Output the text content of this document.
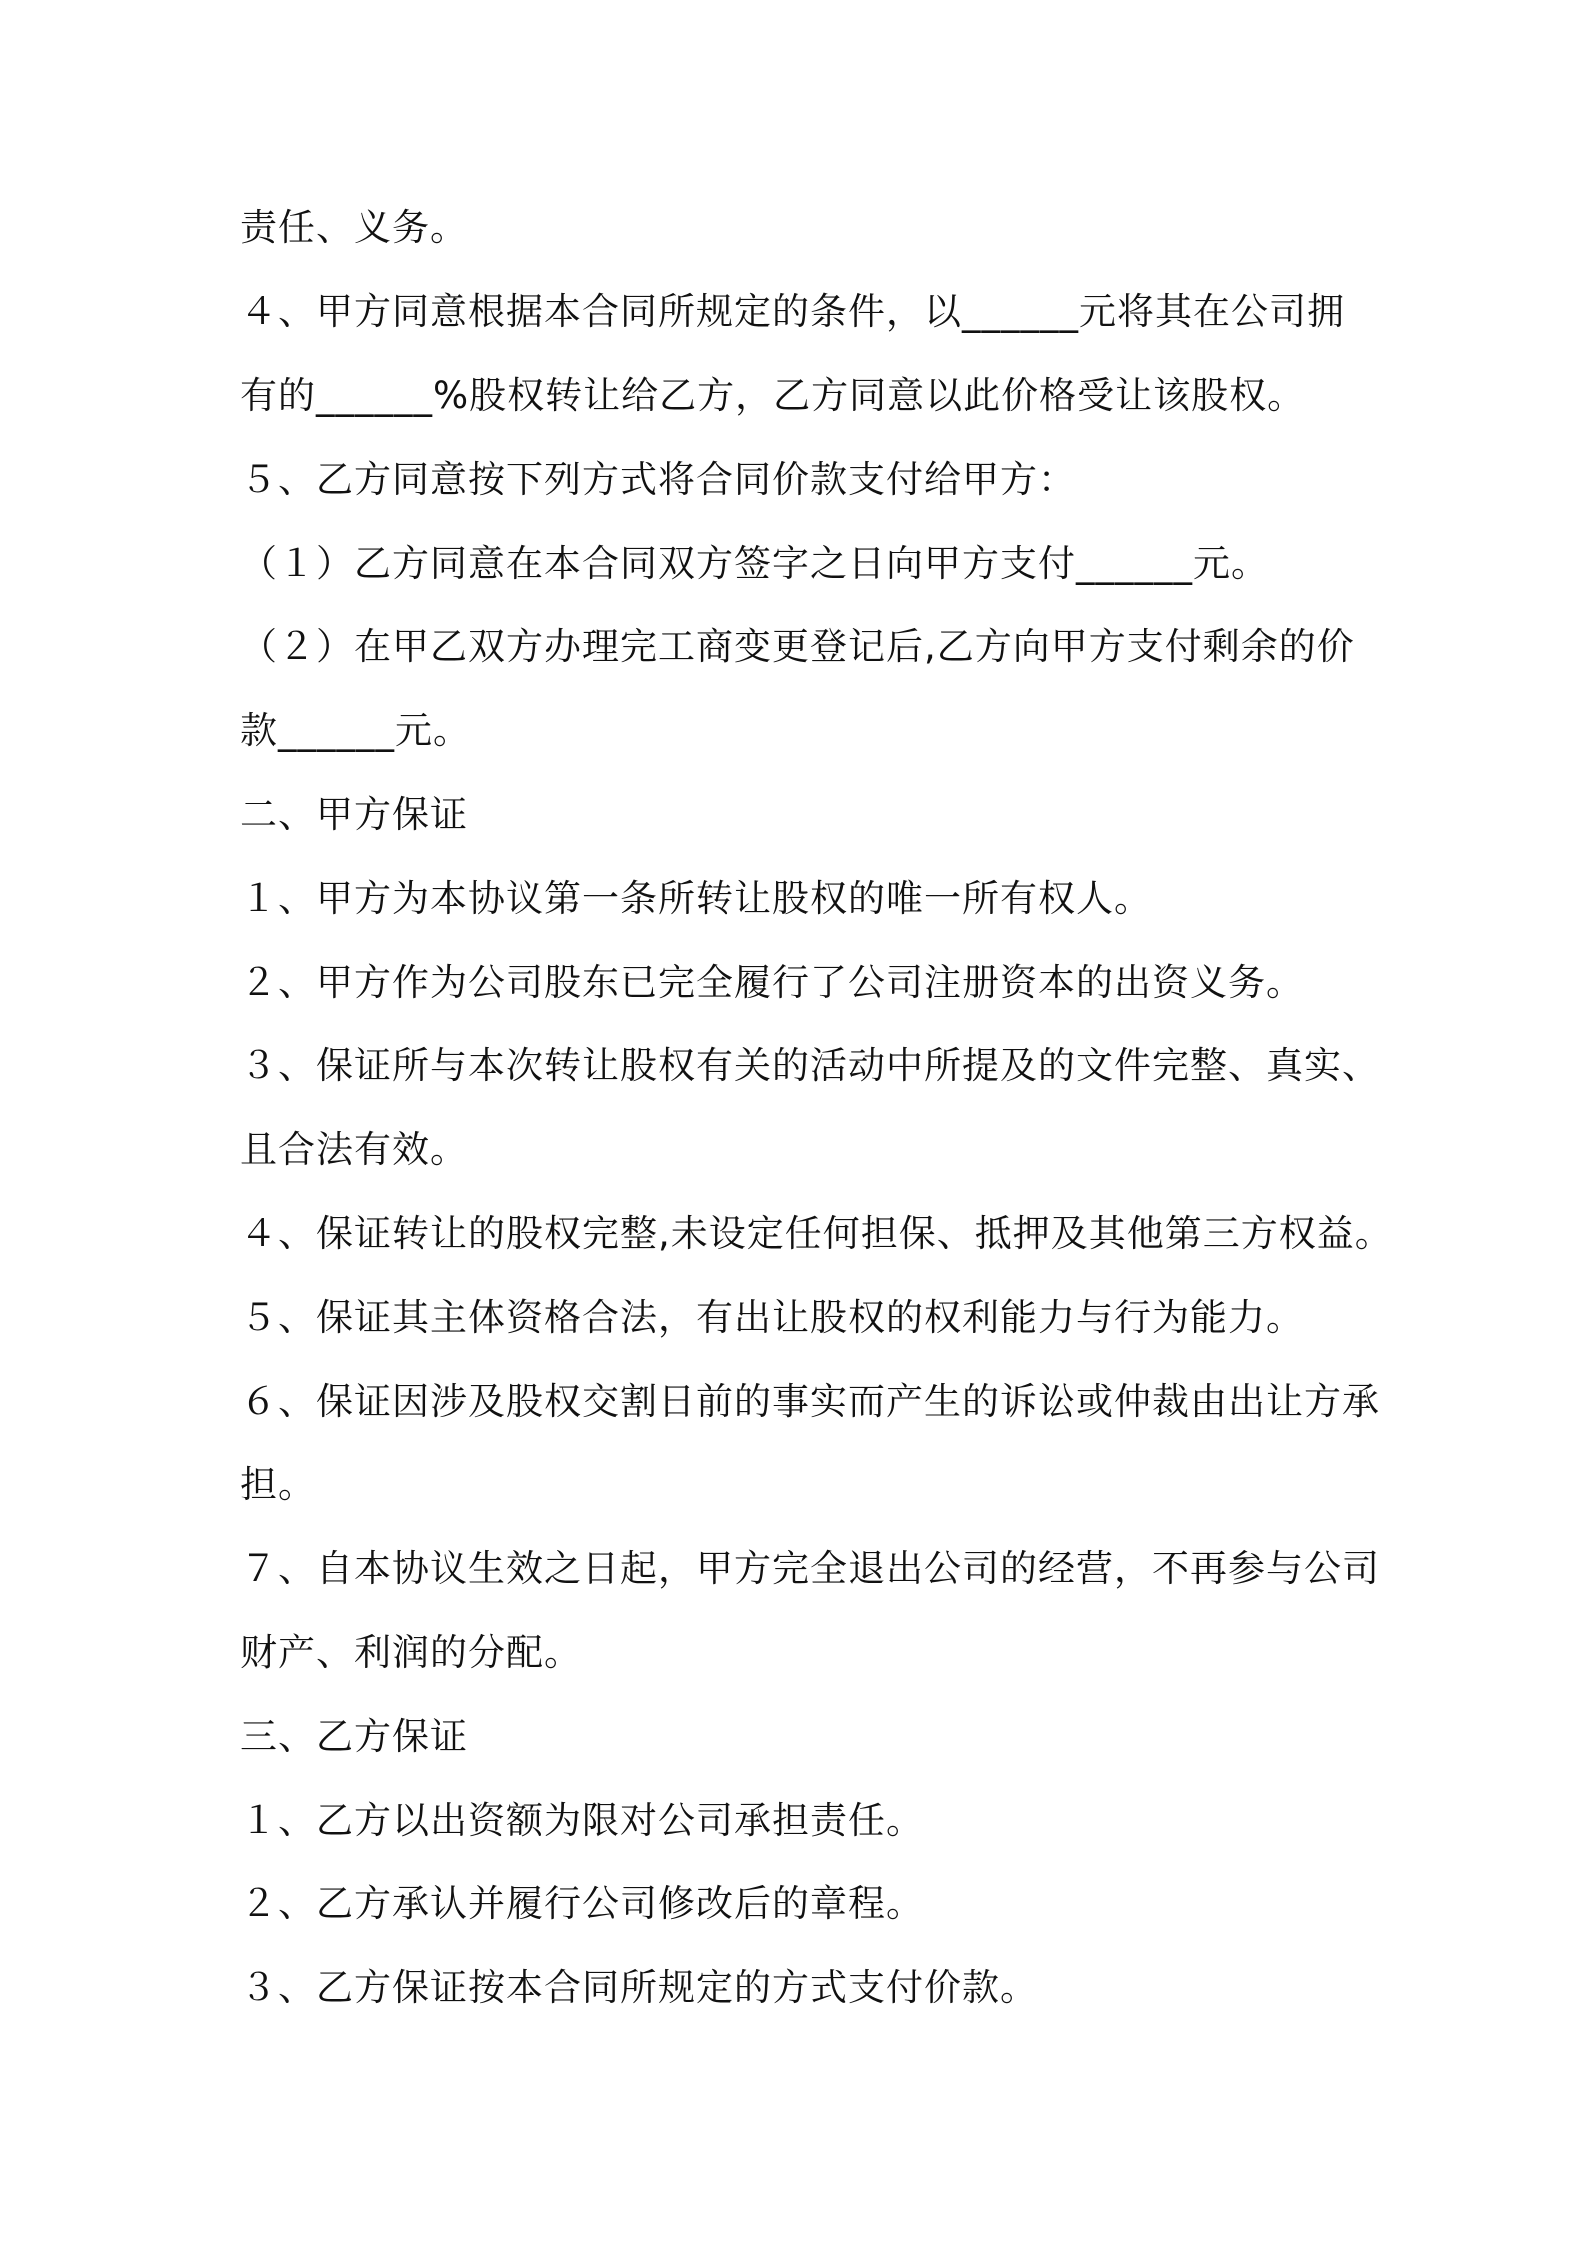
责任、义务。
４、甲方同意根据本合同所规定的条件，以______元将其在公司拥
有的______%股权转让给乙方，乙方同意以此价格受让该股权。
５、乙方同意按下列方式将合同价款支付给甲方：
（１）乙方同意在本合同双方签字之日向甲方支付______元。
（２）在甲乙双方办理完工商变更登记后,乙方向甲方支付剩余的价
款______元。
二、甲方保证
１、甲方为本协议第一条所转让股权的唯一所有权人。
２、甲方作为公司股东已完全履行了公司注册资本的出资义务。
３、保证所与本次转让股权有关的活动中所提及的文件完整、真实、
且合法有效。
４、保证转让的股权完整,未设定任何担保、抵押及其他第三方权益。
５、保证其主体资格合法，有出让股权的权利能力与行为能力。
６、保证因涉及股权交割日前的事实而产生的诉讼或仲裁由出让方承
担。
７、自本协议生效之日起，甲方完全退出公司的经营，不再参与公司
财产、利润的分配。
三、乙方保证
１、乙方以出资额为限对公司承担责任。
２、乙方承认并履行公司修改后的章程。
３、乙方保证按本合同所规定的方式支付价款。
